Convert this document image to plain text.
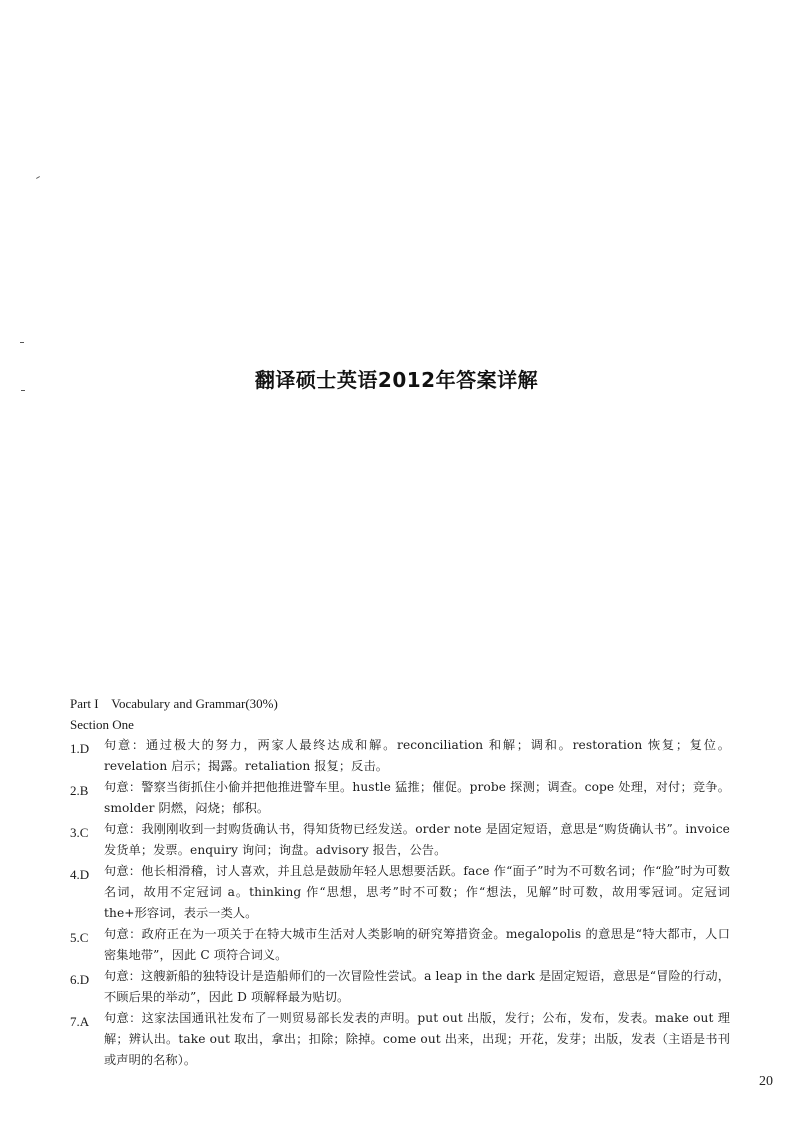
翻译硕士英语2012年答案详解
Part I    Vocabulary and Grammar(30%)
Section One
1.D	句意：通过极大的努力，两家人最终达成和解。reconciliation 和解；调和。restoration 恢复；复位。revelation 启示；揭露。retaliation 报复；反击。
2.B	句意：警察当街抓住小偷并把他推进警车里。hustle 猛推；催促。probe 探测；调查。cope 处理，对付；竞争。smolder 阴燃，闷烧；郁积。
3.C	句意：我刚刚收到一封购货确认书，得知货物已经发送。order note 是固定短语，意思是“购货确认书”。invoice 发货单；发票。enquiry 询问；询盘。advisory 报告，公告。
4.D	句意：他长相滑稽，讨人喜欢，并且总是鼓励年轻人思想要活跃。face 作“面子”时为不可数名词；作“脸”时为可数名词，故用不定冠词 a。thinking 作“思想，思考”时不可数；作“想法，见解”时可数，故用零冠词。定冠词 the+形容词，表示一类人。
5.C	句意：政府正在为一项关于在特大城市生活对人类影响的研究筹措资金。megalopolis 的意思是“特大都市，人口密集地带”，因此 C 项符合词义。
6.D	句意：这艘新船的独特设计是造船师们的一次冒险性尝试。a leap in the dark 是固定短语，意思是“冒险的行动，不顾后果的举动”，因此 D 项解释最为贴切。
7.A	句意：这家法国通讯社发布了一则贸易部长发表的声明。put out 出版，发行；公布，发布，发表。make out 理解；辨认出。take out 取出，拿出；扣除；除掉。come out 出来，出现；开花，发芽；出版，发表（主语是书刊或声明的名称）。
20
